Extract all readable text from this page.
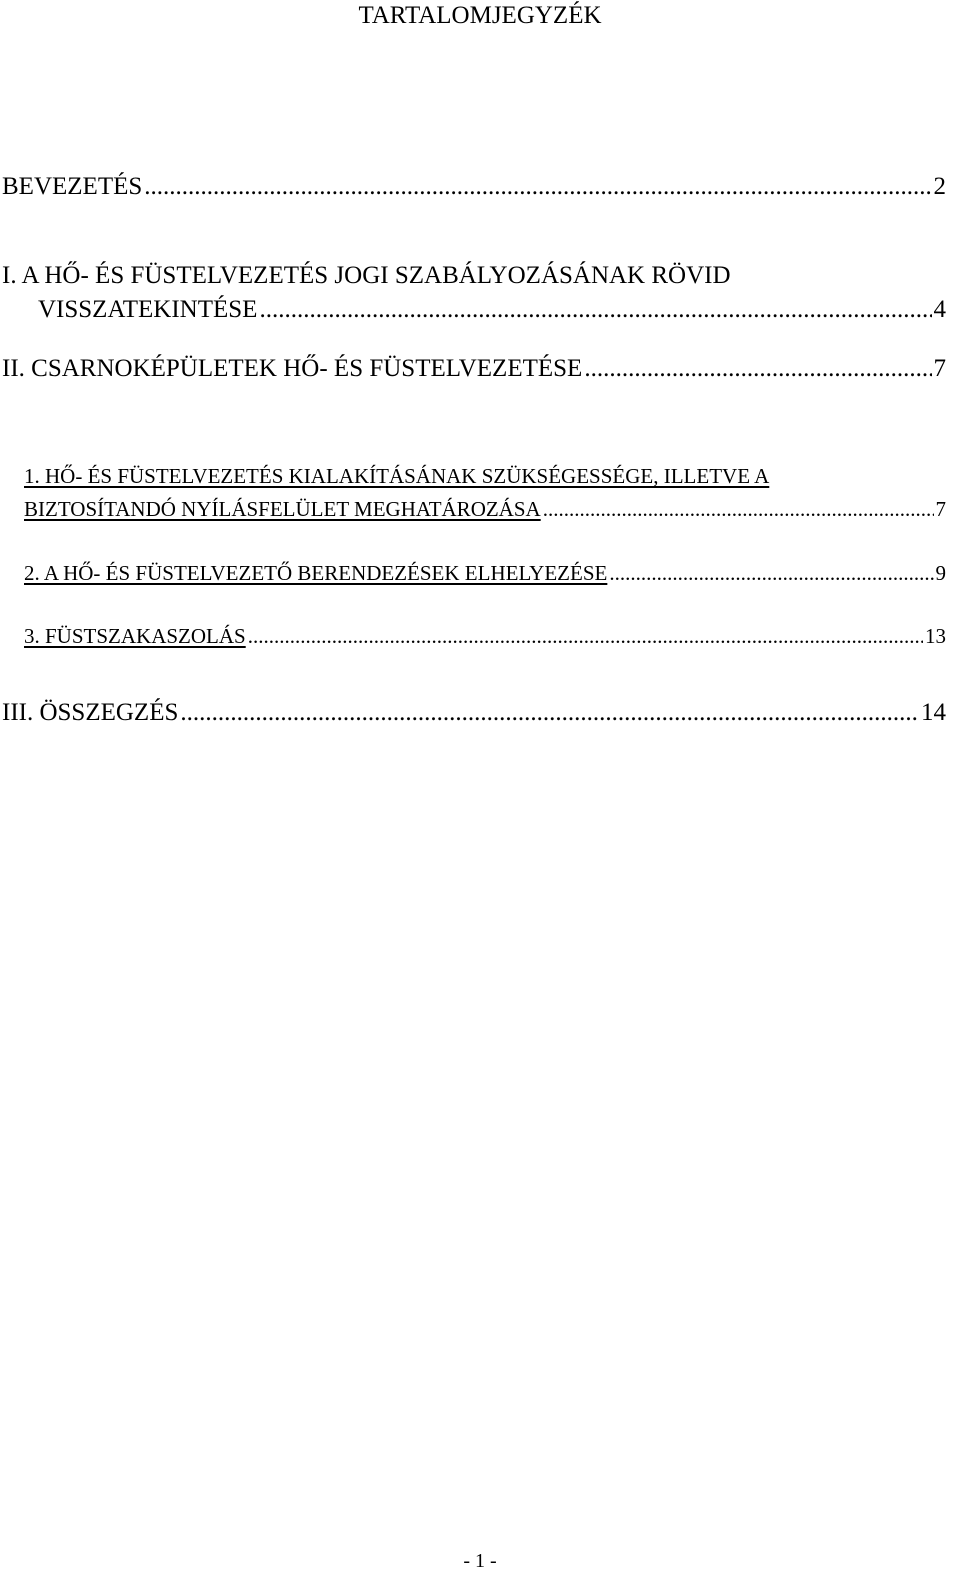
TARTALOMJEGYZÉK
BEVEZETÉS .....	2
I. A HŐ- ÉS FÜSTELVEZETÉS JOGI SZABÁLYOZÁSÁNAK RÖVID
VISSZATEKINTÉSE .....	4
II. CSARNOKÉPÜLETEK HŐ- ÉS FÜSTELVEZETÉSE .....	7
1. HŐ- ÉS FÜSTELVEZETÉS KIALAKÍTÁSÁNAK SZÜKSÉGESSÉGE, ILLETVE A
BIZTOSÍTANDÓ NYÍLÁSFELÜLET MEGHATÁROZÁSA .....	7
2. A HŐ- ÉS FÜSTELVEZETŐ BERENDEZÉSEK ELHELYEZÉSE .....	9
3. FÜSTSZAKASZOLÁS .....	13
III. ÖSSZEGZÉS .....	14
- 1 -
